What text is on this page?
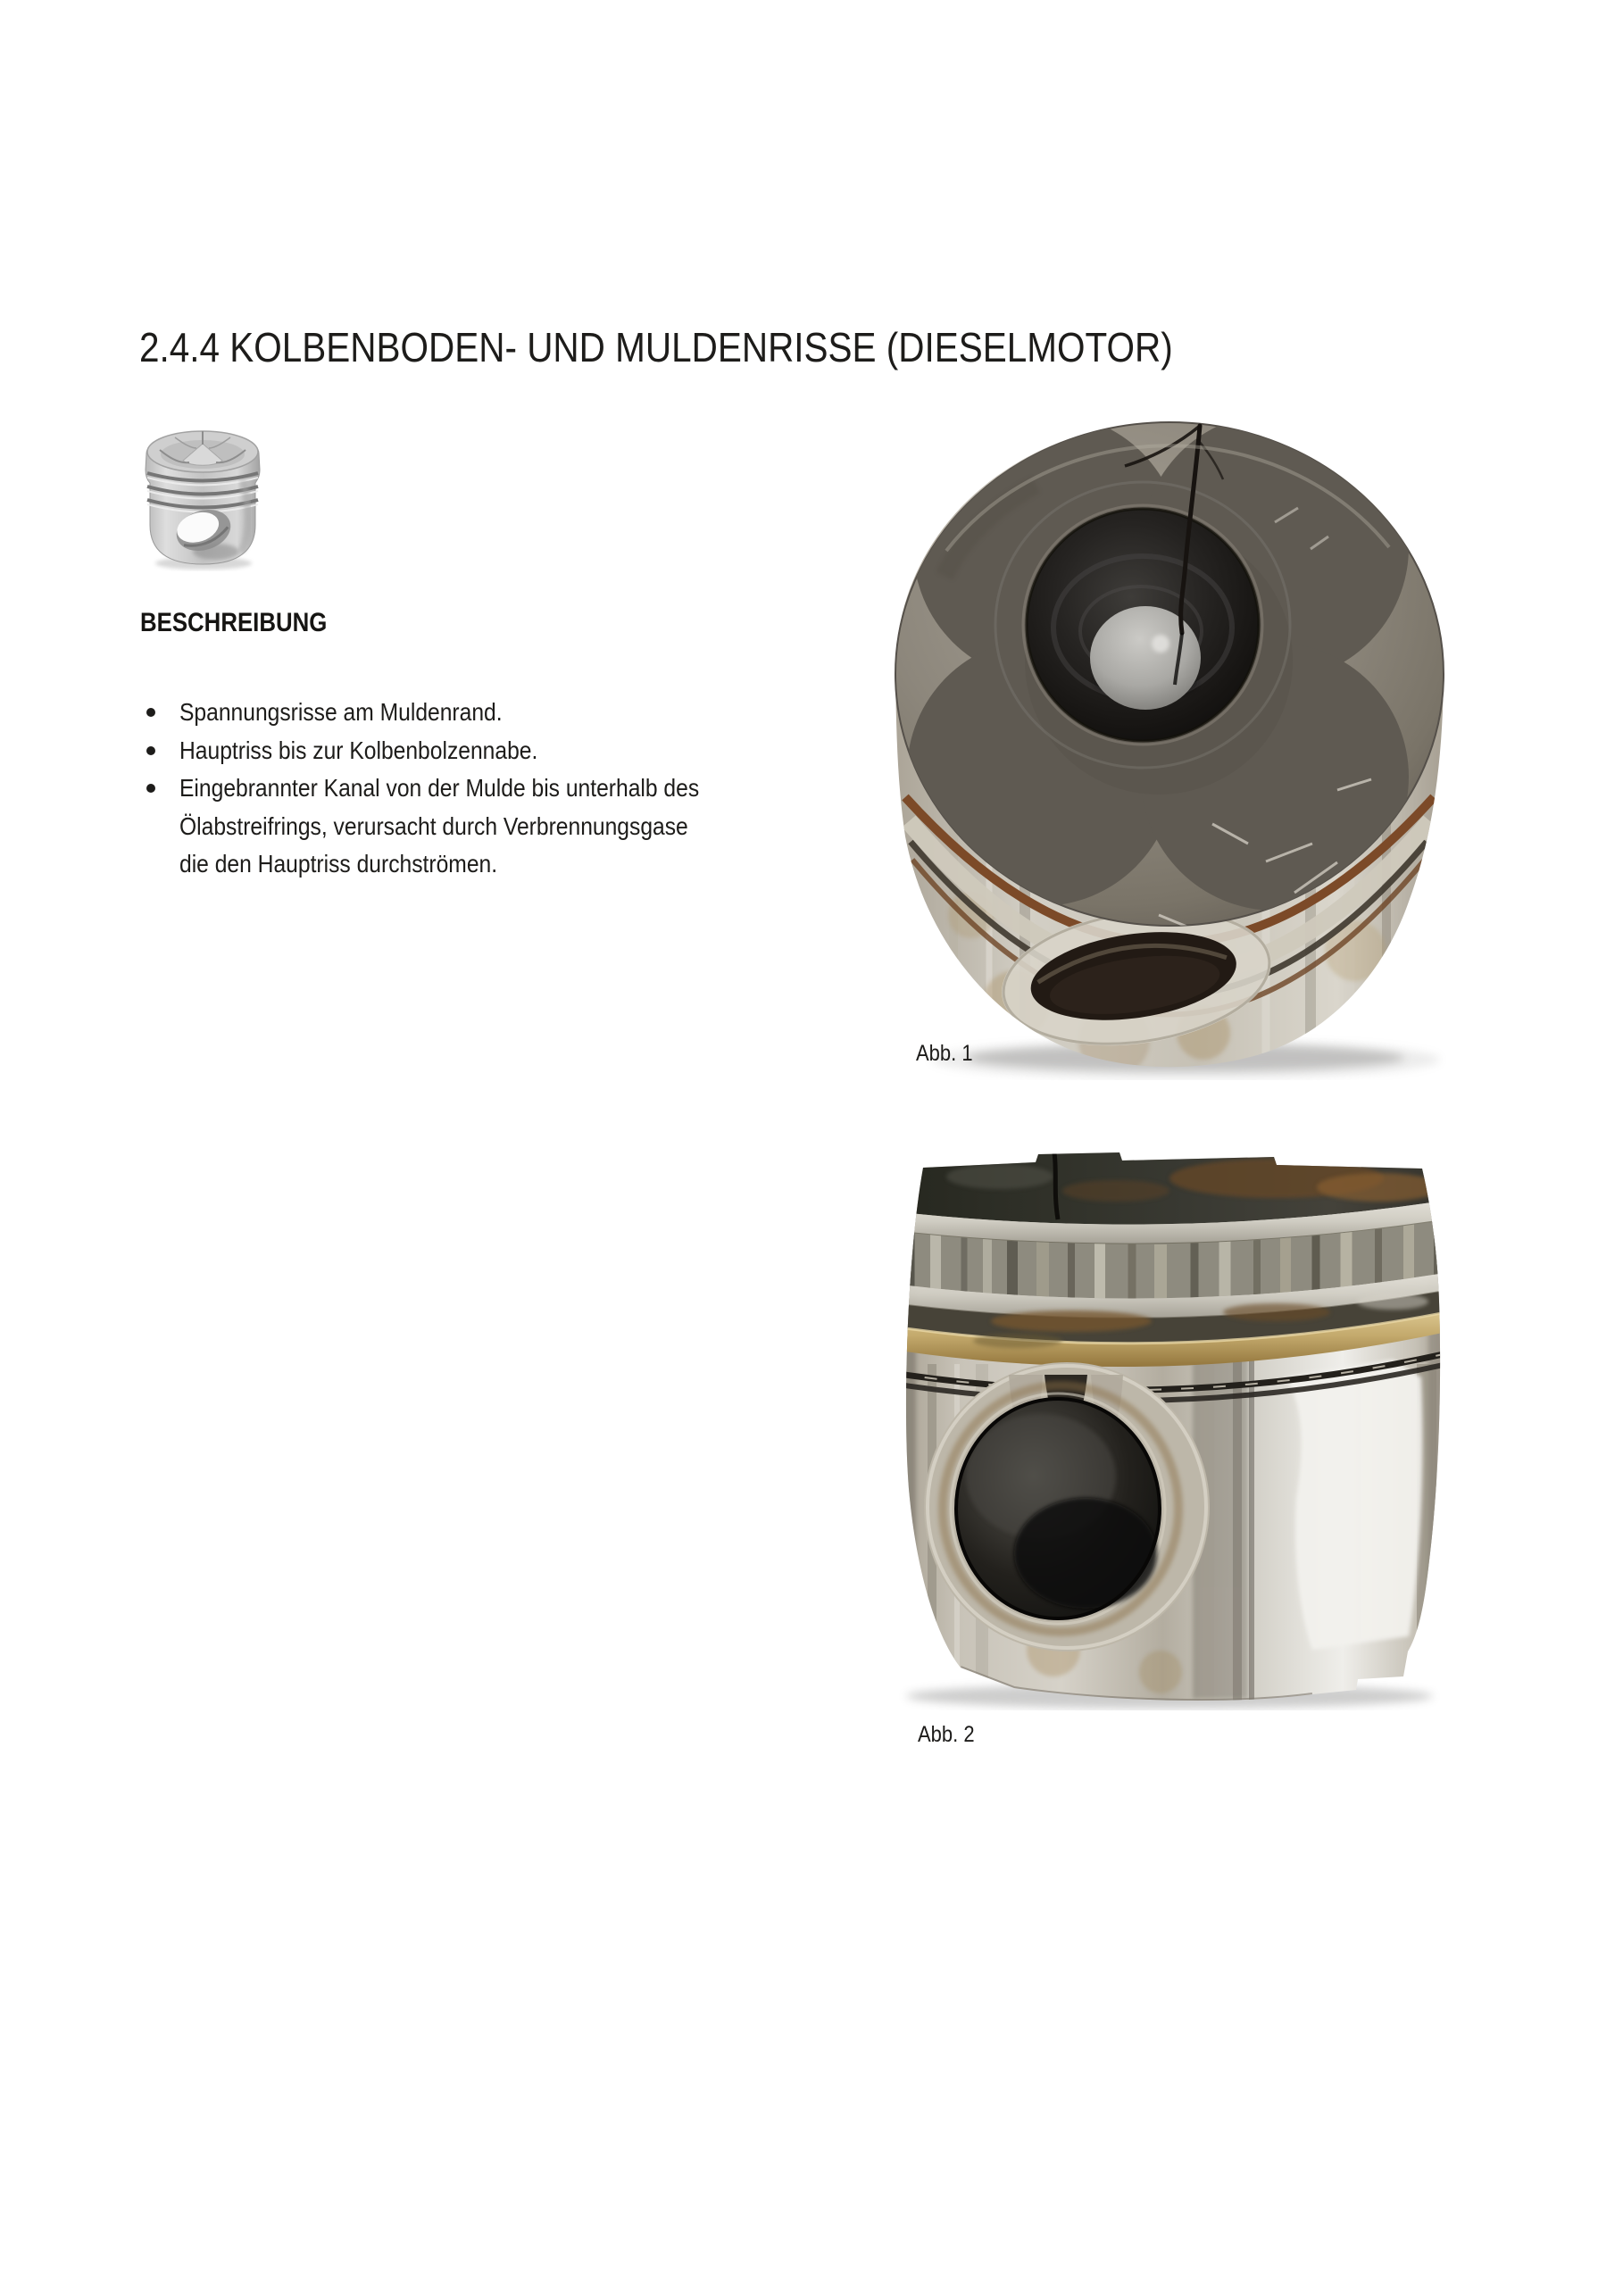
2.4.4 KOLBENBODEN- UND MULDENRISSE (DIESELMOTOR)
BESCHREIBUNG
Spannungsrisse am Muldenrand.
Hauptriss bis zur Kolbenbolzennabe.
Eingebrannter Kanal von der Mulde bis unterhalb des
Ölabstreifrings, verursacht durch Verbrennungsgase
die den Hauptriss durchströmen.
Abb. 1
Abb. 2
